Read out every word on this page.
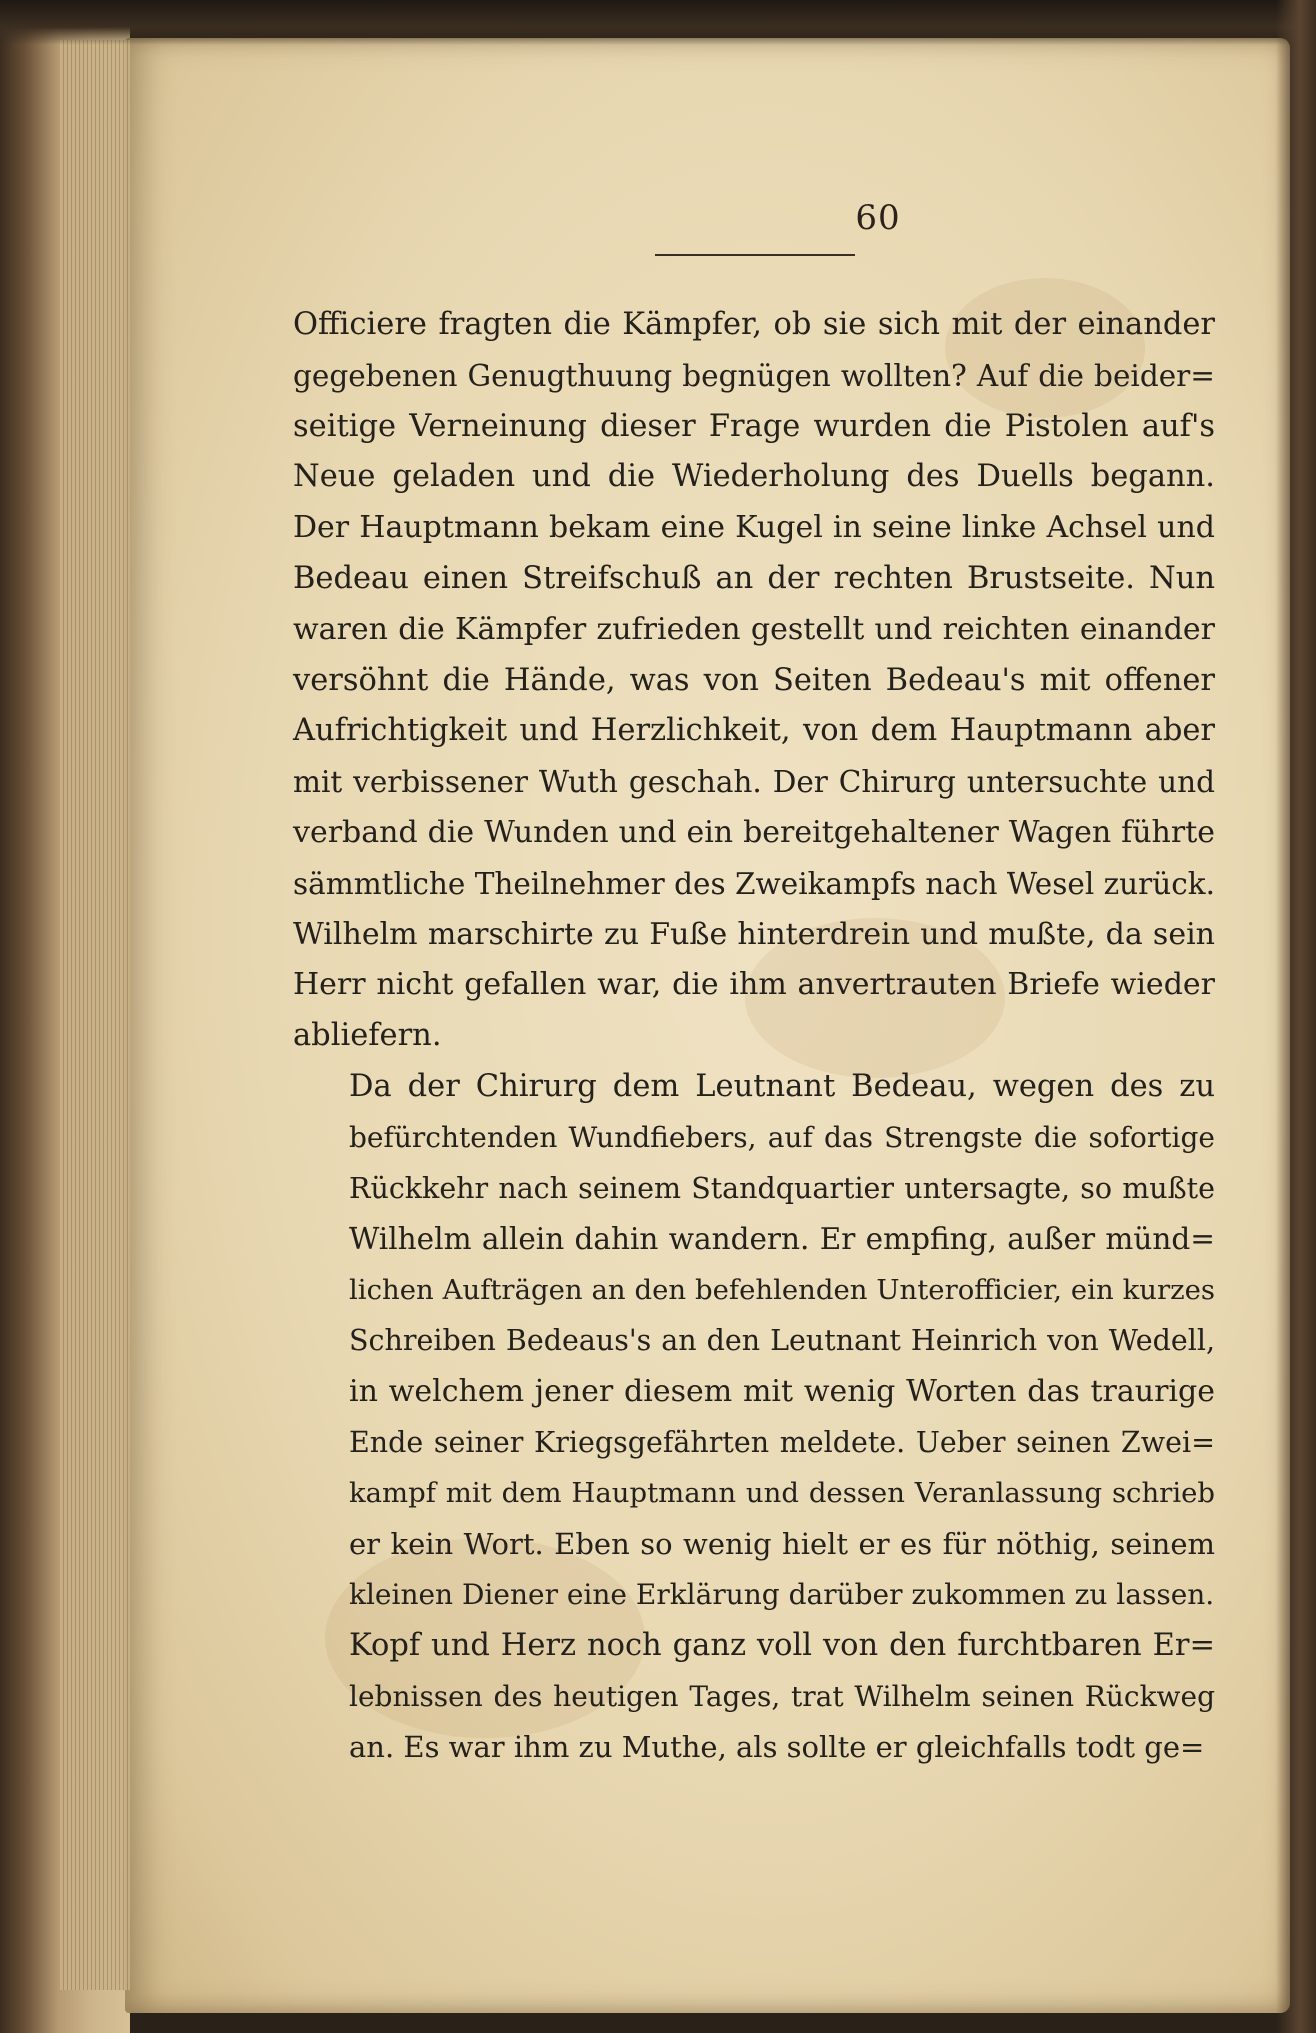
60
Officiere fragten die Kämpfer, ob sie sich mit der einander
gegebenen Genugthuung begnügen wollten? Auf die beider=
seitige Verneinung dieser Frage wurden die Pistolen auf's
Neue geladen und die Wiederholung des Duells begann.
Der Hauptmann bekam eine Kugel in seine linke Achsel und
Bedeau einen Streifschuß an der rechten Brustseite. Nun
waren die Kämpfer zufrieden gestellt und reichten einander
versöhnt die Hände, was von Seiten Bedeau's mit offener
Aufrichtigkeit und Herzlichkeit, von dem Hauptmann aber
mit verbissener Wuth geschah. Der Chirurg untersuchte und
verband die Wunden und ein bereitgehaltener Wagen führte
sämmtliche Theilnehmer des Zweikampfs nach Wesel zurück.
Wilhelm marschirte zu Fuße hinterdrein und mußte, da sein
Herr nicht gefallen war, die ihm anvertrauten Briefe wieder
abliefern.
Da der Chirurg dem Leutnant Bedeau, wegen des zu
befürchtenden Wundfiebers, auf das Strengste die sofortige
Rückkehr nach seinem Standquartier untersagte, so mußte
Wilhelm allein dahin wandern. Er empfing, außer münd=
lichen Aufträgen an den befehlenden Unterofficier, ein kurzes
Schreiben Bedeaus's an den Leutnant Heinrich von Wedell,
in welchem jener diesem mit wenig Worten das traurige
Ende seiner Kriegsgefährten meldete. Ueber seinen Zwei=
kampf mit dem Hauptmann und dessen Veranlassung schrieb
er kein Wort. Eben so wenig hielt er es für nöthig, seinem
kleinen Diener eine Erklärung darüber zukommen zu lassen.
Kopf und Herz noch ganz voll von den furchtbaren Er=
lebnissen des heutigen Tages, trat Wilhelm seinen Rückweg
an. Es war ihm zu Muthe, als sollte er gleichfalls todt ge=
